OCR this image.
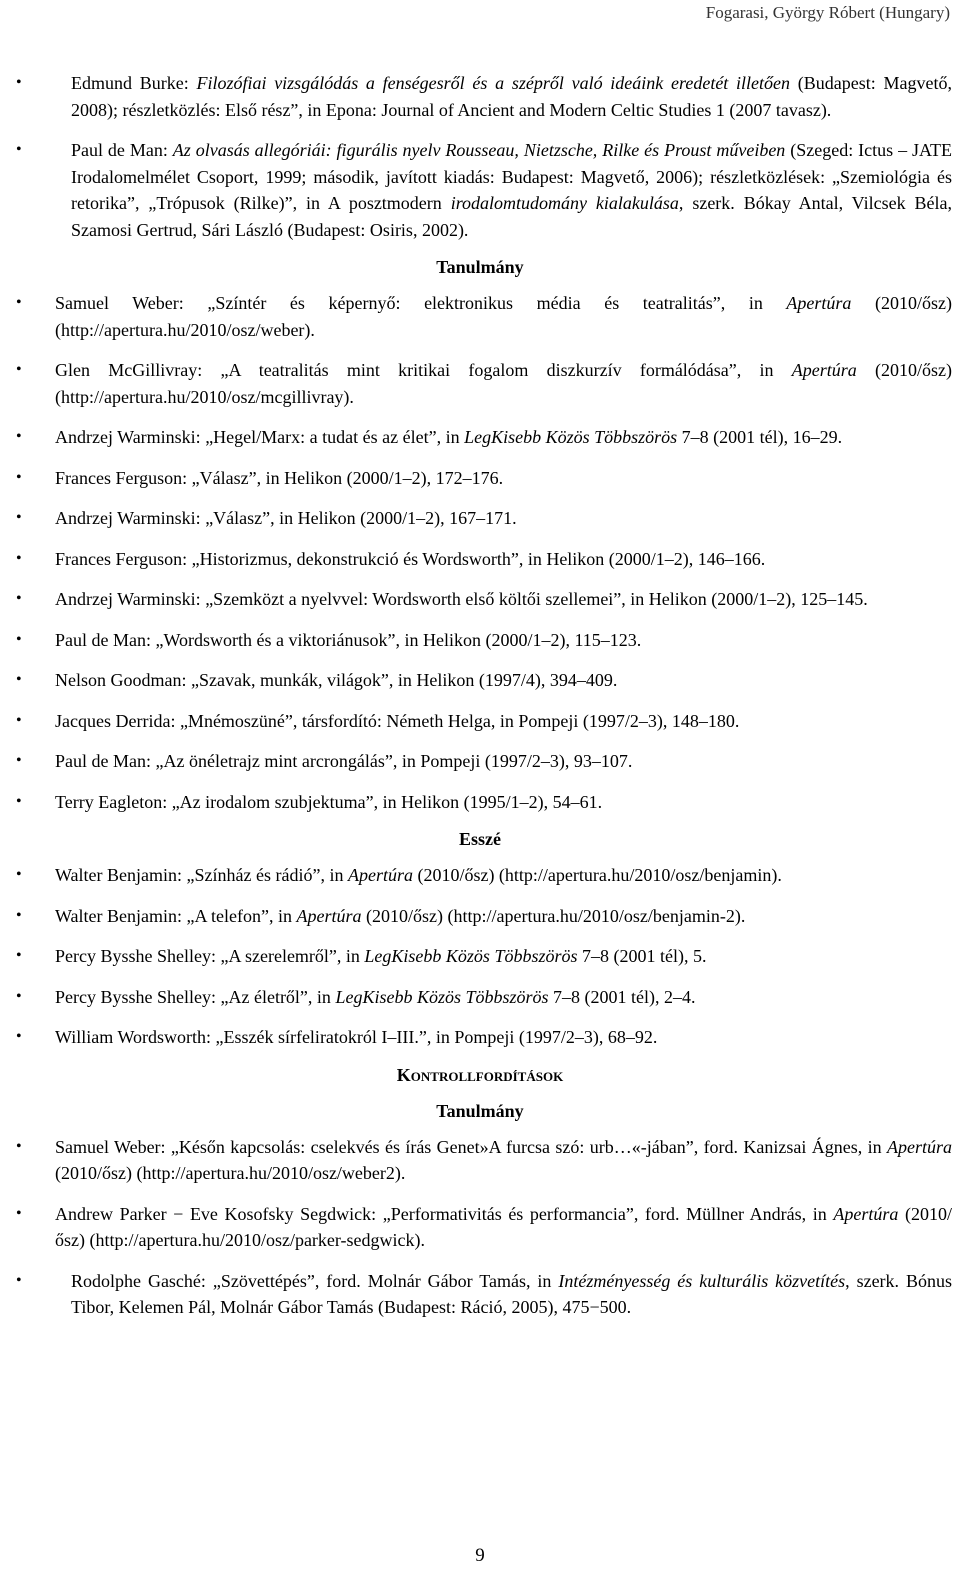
Fogarasi, György Róbert (Hungary)
• Edmund Burke: Filozófiai vizsgálódás a fenségesről és a szépről való ideáink eredetét illetően (Budapest: Magvető, 2008); részletközlés: Első rész”, in Epona: Journal of Ancient and Modern Celtic Studies 1 (2007 tavasz).
• Paul de Man: Az olvasás allegóriái: figurális nyelv Rousseau, Nietzsche, Rilke és Proust műveiben (Szeged: Ictus – JATE Irodalomelmélet Csoport, 1999; második, javított kiadás: Budapest: Magvető, 2006); részletközlések: „Szemiológia és retorika”, „Trópusok (Rilke)”, in A posztmodern irodalomtudomány kialakulása, szerk. Bókay Antal, Vilcsek Béla, Szamosi Gertrud, Sári László (Budapest: Osiris, 2002).
Tanulmány
• Samuel Weber: „Színtér és képernyő: elektronikus média és teatralitás”, in Apertúra (2010/ősz) (http://apertura.hu/2010/osz/weber).
• Glen McGillivray: „A teatralitás mint kritikai fogalom diszkurzív formálódása”, in Apertúra (2010/ősz) (http://apertura.hu/2010/osz/mcgillivray).
• Andrzej Warminski: „Hegel/Marx: a tudat és az élet”, in LegKisebb Közös Többszörös 7–8 (2001 tél), 16–29.
• Frances Ferguson: „Válasz”, in Helikon (2000/1–2), 172–176.
• Andrzej Warminski: „Válasz”, in Helikon (2000/1–2), 167–171.
• Frances Ferguson: „Historizmus, dekonstrukció és Wordsworth”, in Helikon (2000/1–2), 146–166.
• Andrzej Warminski: „Szemközt a nyelvvel: Wordsworth első költői szellemei”, in Helikon (2000/1–2), 125–145.
• Paul de Man: „Wordsworth és a viktoriánusok”, in Helikon (2000/1–2), 115–123.
• Nelson Goodman: „Szavak, munkák, világok”, in Helikon (1997/4), 394–409.
• Jacques Derrida: „Mnémoszüné”, társfordító: Németh Helga, in Pompeji (1997/2–3), 148–180.
• Paul de Man: „Az önéletrajz mint arcrongálás”, in Pompeji (1997/2–3), 93–107.
• Terry Eagleton: „Az irodalom szubjektuma”, in Helikon (1995/1–2), 54–61.
Esszé
• Walter Benjamin: „Színház és rádió”, in Apertúra (2010/ősz) (http://apertura.hu/2010/osz/benjamin).
• Walter Benjamin: „A telefon”, in Apertúra (2010/ősz) (http://apertura.hu/2010/osz/benjamin-2).
• Percy Bysshe Shelley: „A szerelemről”, in LegKisebb Közös Többszörös 7–8 (2001 tél), 5.
• Percy Bysshe Shelley: „Az életről”, in LegKisebb Közös Többszörös 7–8 (2001 tél), 2–4.
• William Wordsworth: „Esszék sírfeliratokról I–III.”, in Pompeji (1997/2–3), 68–92.
Kontrollfordítások
Tanulmány
• Samuel Weber: „Későn kapcsolás: cselekvés és írás Genet»A furcsa szó: urb…«-jában”, ford. Kanizsai Ágnes, in Apertúra (2010/ősz) (http://apertura.hu/2010/osz/weber2).
• Andrew Parker − Eve Kosofsky Segdwick: „Performativitás és performancia”, ford. Müllner András, in Apertúra (2010/ősz) (http://apertura.hu/2010/osz/parker-sedgwick).
• Rodolphe Gasché: „Szövettépés”, ford. Molnár Gábor Tamás, in Intézményesség és kulturális közvetítés, szerk. Bónus Tibor, Kelemen Pál, Molnár Gábor Tamás (Budapest: Ráció, 2005), 475−500.
9
